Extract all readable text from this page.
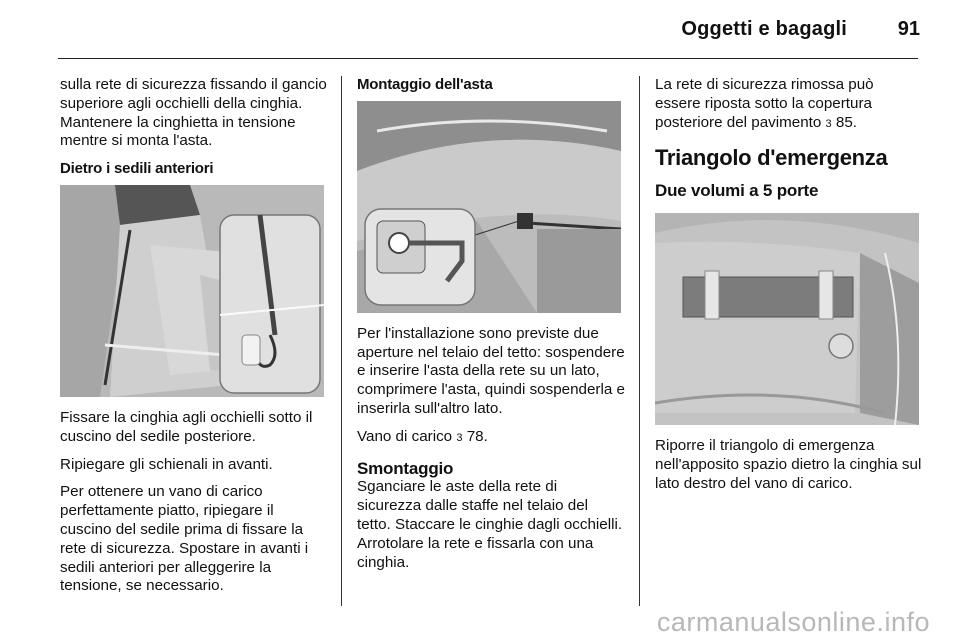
Oggetti e bagagli	91

sulla rete di sicurezza fissando il gancio superiore agli occhielli della cinghia. Mantenere la cinghietta in tensione mentre si monta l'asta.

Dietro i sedili anteriori

Fissare la cinghia agli occhielli sotto il cuscino del sedile posteriore.

Ripiegare gli schienali in avanti.

Per ottenere un vano di carico perfettamente piatto, ripiegare il cuscino del sedile prima di fissare la rete di sicurezza. Spostare in avanti i sedili anteriori per alleggerire la tensione, se necessario.

Montaggio dell'asta

Per l'installazione sono previste due aperture nel telaio del tetto: sospendere e inserire l'asta della rete su un lato, comprimere l'asta, quindi sospenderla e inserirla sull'altro lato.

Vano di carico 3 78.

Smontaggio

Sganciare le aste della rete di sicurezza dalle staffe nel telaio del tetto. Staccare le cinghie dagli occhielli. Arrotolare la rete e fissarla con una cinghia.

La rete di sicurezza rimossa può essere riposta sotto la copertura posteriore del pavimento 3 85.

Triangolo d'emergenza
Due volumi a 5 porte

Riporre il triangolo di emergenza nell'apposito spazio dietro la cinghia sul lato destro del vano di carico.

carmanualsonline.info
